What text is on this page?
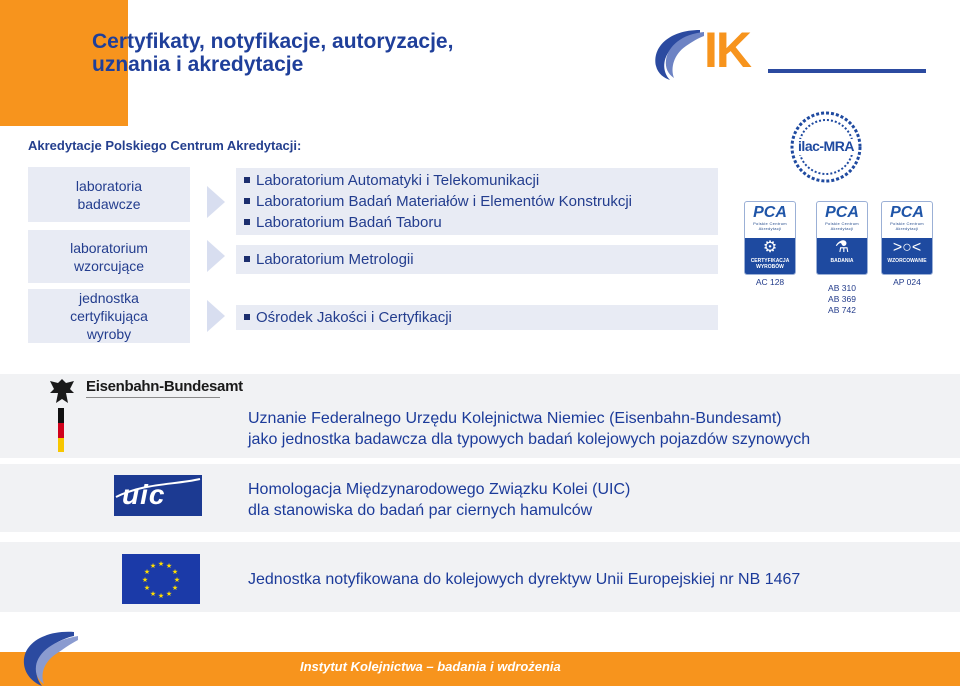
Certyfikaty, notyfikacje, autoryzacje,
uznania i akredytacje	IK
Akredytacje Polskiego Centrum Akredytacji:
laboratoria
badawcze
laboratorium
wzorcujące
jednostka
certyfikująca
wyroby
Laboratorium Automatyki i Telekomunikacji
Laboratorium Badań Materiałów i Elementów Konstrukcji
Laboratorium Badań Taboru
Laboratorium Metrologii
Ośrodek Jakości i Certyfikacji
ilac-MRA
PCA
Polskie Centrum
Akredytacji
⚙
CERTYFIKACJA
WYROBÓW
AC 128
PCA
Polskie Centrum
Akredytacji
⚗
BADANIA
AB 310
AB 369
AB 742
PCA
Polskie Centrum
Akredytacji
>○<
WZORCOWANIE
AP 024
Eisenbahn-Bundesamt
Uznanie Federalnego Urzędu Kolejnictwa Niemiec (Eisenbahn-Bundesamt)
jako jednostka badawcza dla typowych badań kolejowych pojazdów szynowych
uic	Homologacja Międzynarodowego Związku Kolei (UIC)
dla stanowiska do badań par ciernych hamulców
★ ★
★
★
★
★
★
★
★
★
★
★
Jednostka notyfikowana do kolejowych dyrektyw Unii Europejskiej nr NB 1467
Instytut Kolejnictwa – badania i wdrożenia
